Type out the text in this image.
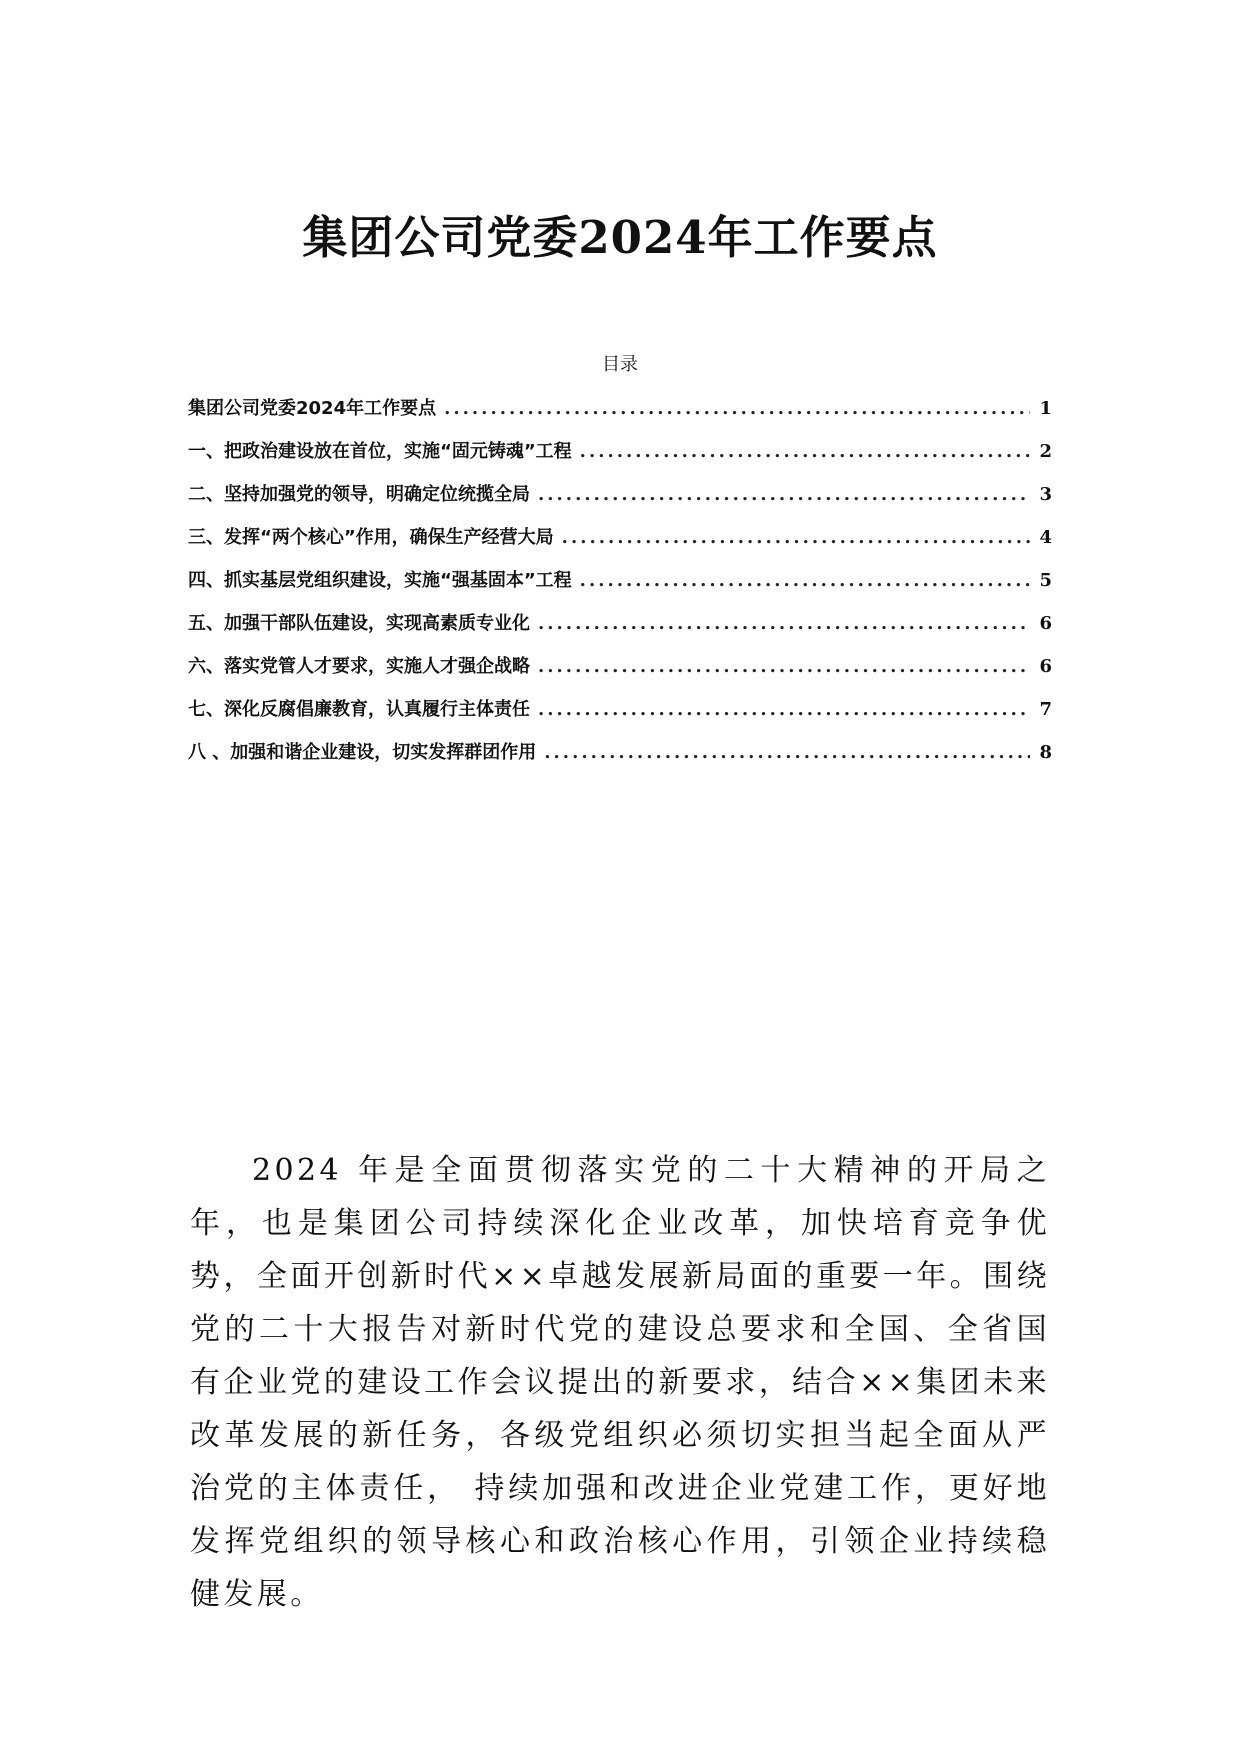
集团公司党委2024年工作要点
目录
集团公司党委2024年工作要点 .....	1
一、把政治建设放在首位，实施“固元铸魂”工程 .....	2
二、坚持加强党的领导，明确定位统揽全局 .....	3
三、发挥“两个核心”作用，确保生产经营大局 .....	4
四、抓实基层党组织建设，实施“强基固本”工程 .....	5
五、加强干部队伍建设，实现高素质专业化 .....	6
六、落实党管人才要求，实施人才强企战略 .....	6
七、深化反腐倡廉教育，认真履行主体责任 .....	7
八 、加强和谐企业建设，切实发挥群团作用 .....	8

2024 年是全面贯彻落实党的二十大精神的开局之年，也是集团公司持续深化企业改革，加快培育竞争优势，全面开创新时代××卓越发展新局面的重要一年。围绕党的二十大报告对新时代党的建设总要求和全国、全省国有企业党的建设工作会议提出的新要求，结合××集团未来改革发展的新任务，各级党组织必须切实担当起全面从严治党的主体责任， 持续加强和改进企业党建工作，更好地发挥党组织的领导核心和政治核心作用，引领企业持续稳健发展。
